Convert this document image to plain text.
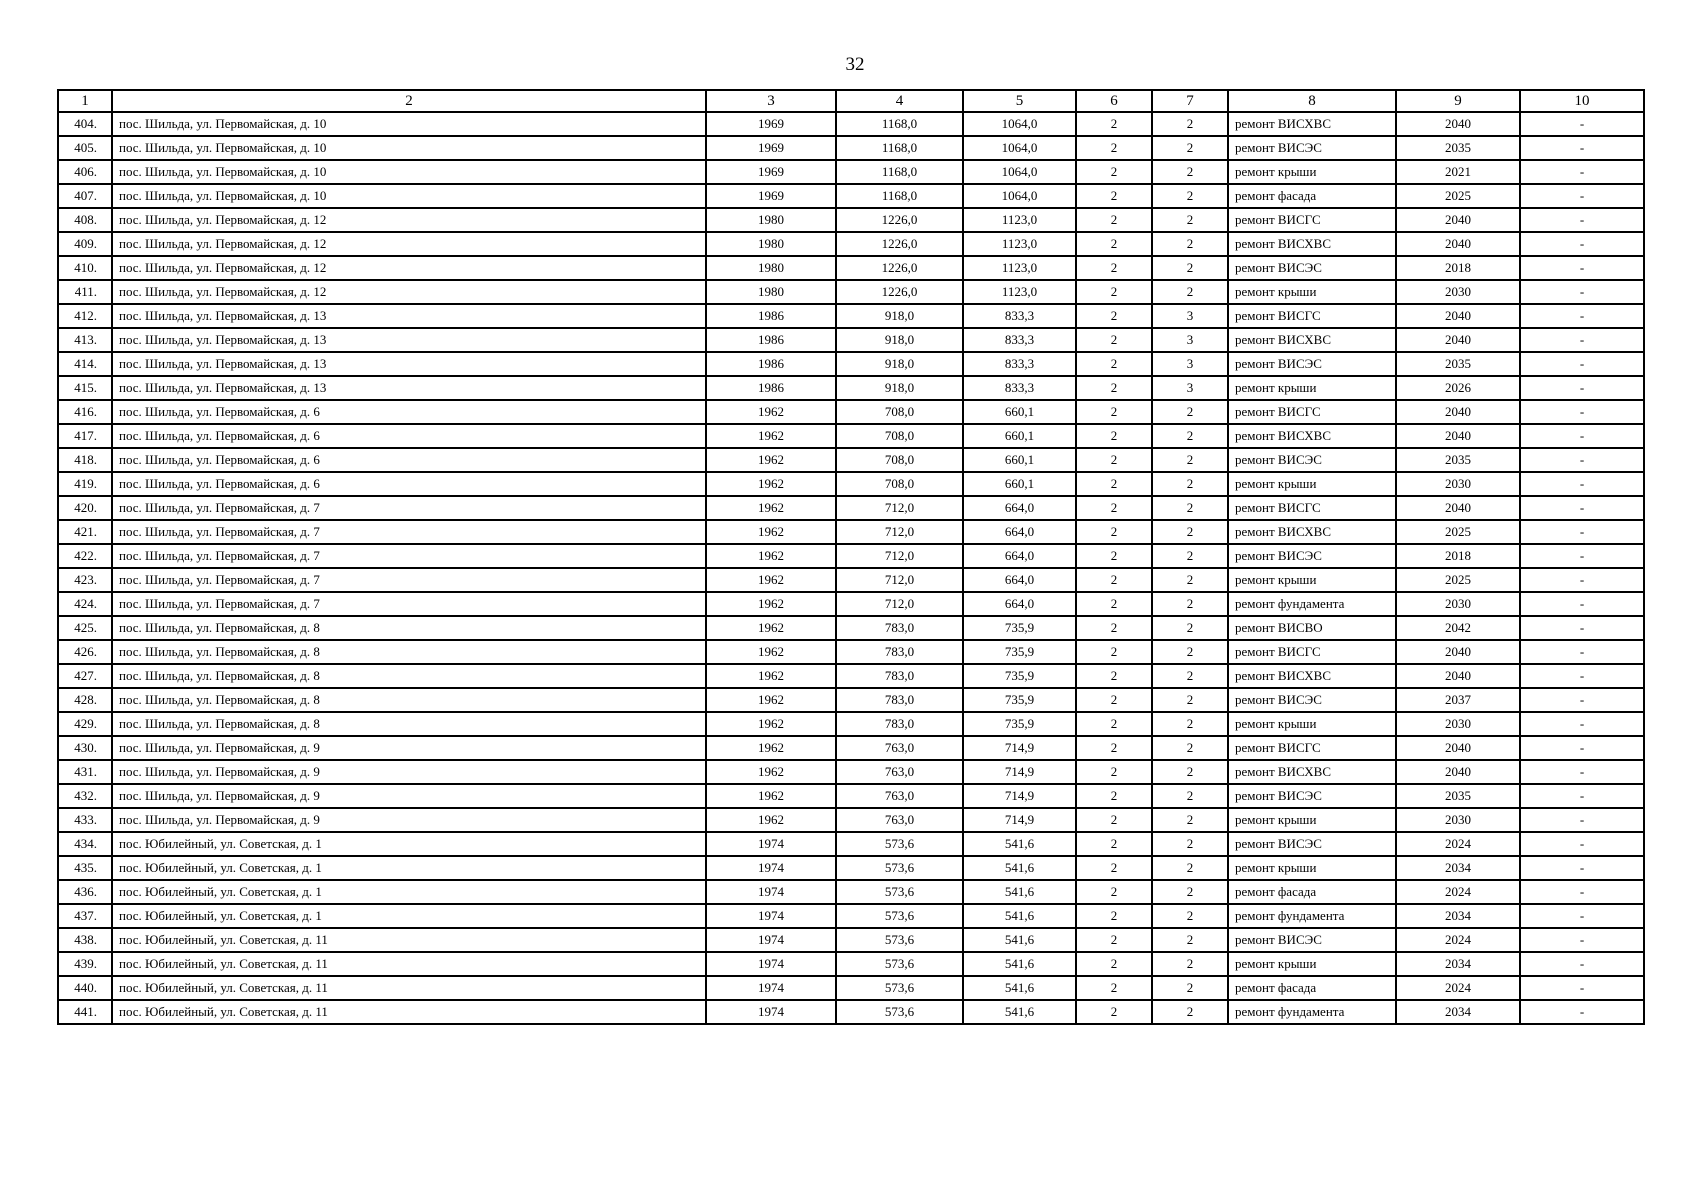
32
1	2	3	4	5	6	7	8	9	10
404.	пос. Шильда, ул. Первомайская, д. 10	1969	1168,0	1064,0	2	2	ремонт ВИСХВС	2040	-
405.	пос. Шильда, ул. Первомайская, д. 10	1969	1168,0	1064,0	2	2	ремонт ВИСЭС	2035	-
406.	пос. Шильда, ул. Первомайская, д. 10	1969	1168,0	1064,0	2	2	ремонт крыши	2021	-
407.	пос. Шильда, ул. Первомайская, д. 10	1969	1168,0	1064,0	2	2	ремонт фасада	2025	-
408.	пос. Шильда, ул. Первомайская, д. 12	1980	1226,0	1123,0	2	2	ремонт ВИСГС	2040	-
409.	пос. Шильда, ул. Первомайская, д. 12	1980	1226,0	1123,0	2	2	ремонт ВИСХВС	2040	-
410.	пос. Шильда, ул. Первомайская, д. 12	1980	1226,0	1123,0	2	2	ремонт ВИСЭС	2018	-
411.	пос. Шильда, ул. Первомайская, д. 12	1980	1226,0	1123,0	2	2	ремонт крыши	2030	-
412.	пос. Шильда, ул. Первомайская, д. 13	1986	918,0	833,3	2	3	ремонт ВИСГС	2040	-
413.	пос. Шильда, ул. Первомайская, д. 13	1986	918,0	833,3	2	3	ремонт ВИСХВС	2040	-
414.	пос. Шильда, ул. Первомайская, д. 13	1986	918,0	833,3	2	3	ремонт ВИСЭС	2035	-
415.	пос. Шильда, ул. Первомайская, д. 13	1986	918,0	833,3	2	3	ремонт крыши	2026	-
416.	пос. Шильда, ул. Первомайская, д. 6	1962	708,0	660,1	2	2	ремонт ВИСГС	2040	-
417.	пос. Шильда, ул. Первомайская, д. 6	1962	708,0	660,1	2	2	ремонт ВИСХВС	2040	-
418.	пос. Шильда, ул. Первомайская, д. 6	1962	708,0	660,1	2	2	ремонт ВИСЭС	2035	-
419.	пос. Шильда, ул. Первомайская, д. 6	1962	708,0	660,1	2	2	ремонт крыши	2030	-
420.	пос. Шильда, ул. Первомайская, д. 7	1962	712,0	664,0	2	2	ремонт ВИСГС	2040	-
421.	пос. Шильда, ул. Первомайская, д. 7	1962	712,0	664,0	2	2	ремонт ВИСХВС	2025	-
422.	пос. Шильда, ул. Первомайская, д. 7	1962	712,0	664,0	2	2	ремонт ВИСЭС	2018	-
423.	пос. Шильда, ул. Первомайская, д. 7	1962	712,0	664,0	2	2	ремонт крыши	2025	-
424.	пос. Шильда, ул. Первомайская, д. 7	1962	712,0	664,0	2	2	ремонт фундамента	2030	-
425.	пос. Шильда, ул. Первомайская, д. 8	1962	783,0	735,9	2	2	ремонт ВИСВО	2042	-
426.	пос. Шильда, ул. Первомайская, д. 8	1962	783,0	735,9	2	2	ремонт ВИСГС	2040	-
427.	пос. Шильда, ул. Первомайская, д. 8	1962	783,0	735,9	2	2	ремонт ВИСХВС	2040	-
428.	пос. Шильда, ул. Первомайская, д. 8	1962	783,0	735,9	2	2	ремонт ВИСЭС	2037	-
429.	пос. Шильда, ул. Первомайская, д. 8	1962	783,0	735,9	2	2	ремонт крыши	2030	-
430.	пос. Шильда, ул. Первомайская, д. 9	1962	763,0	714,9	2	2	ремонт ВИСГС	2040	-
431.	пос. Шильда, ул. Первомайская, д. 9	1962	763,0	714,9	2	2	ремонт ВИСХВС	2040	-
432.	пос. Шильда, ул. Первомайская, д. 9	1962	763,0	714,9	2	2	ремонт ВИСЭС	2035	-
433.	пос. Шильда, ул. Первомайская, д. 9	1962	763,0	714,9	2	2	ремонт крыши	2030	-
434.	пос. Юбилейный, ул. Советская, д. 1	1974	573,6	541,6	2	2	ремонт ВИСЭС	2024	-
435.	пос. Юбилейный, ул. Советская, д. 1	1974	573,6	541,6	2	2	ремонт крыши	2034	-
436.	пос. Юбилейный, ул. Советская, д. 1	1974	573,6	541,6	2	2	ремонт фасада	2024	-
437.	пос. Юбилейный, ул. Советская, д. 1	1974	573,6	541,6	2	2	ремонт фундамента	2034	-
438.	пос. Юбилейный, ул. Советская, д. 11	1974	573,6	541,6	2	2	ремонт ВИСЭС	2024	-
439.	пос. Юбилейный, ул. Советская, д. 11	1974	573,6	541,6	2	2	ремонт крыши	2034	-
440.	пос. Юбилейный, ул. Советская, д. 11	1974	573,6	541,6	2	2	ремонт фасада	2024	-
441.	пос. Юбилейный, ул. Советская, д. 11	1974	573,6	541,6	2	2	ремонт фундамента	2034	-
